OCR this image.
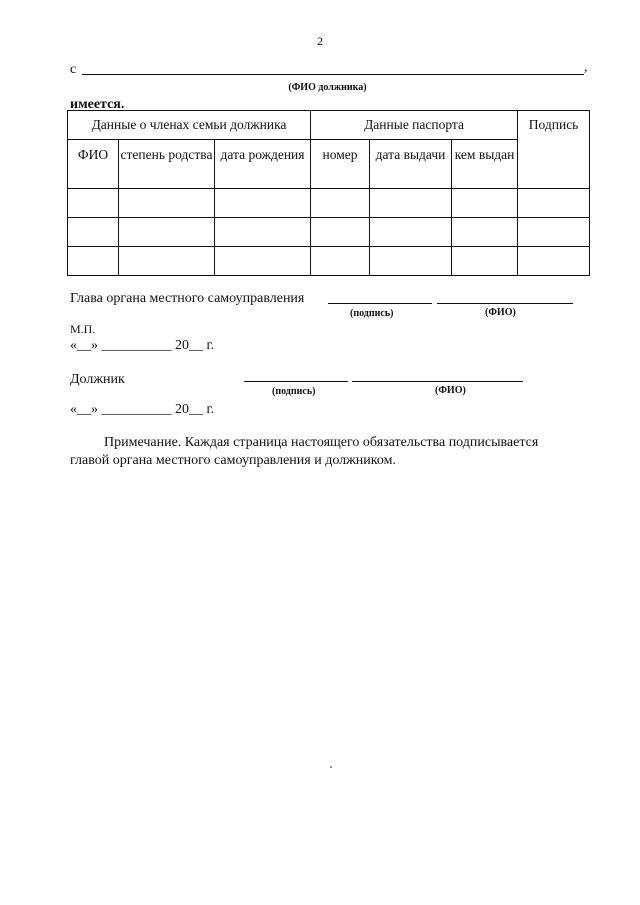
2
с	,
(ФИО должника)
имеется.
Данные о членах семьи должника			Данные паспорта			Подпись
ФИО	степень родства	дата рождения	номер	дата выдачи	кем выдан	

Глава органа местного самоуправления
(подпись)	(ФИО)
М.П.
«__» __________ 20__ г.
Должник
(подпись)	(ФИО)
«__» __________ 20__ г.
Примечание. Каждая страница настоящего обязательства подписывается
главой органа местного самоуправления и должником.
